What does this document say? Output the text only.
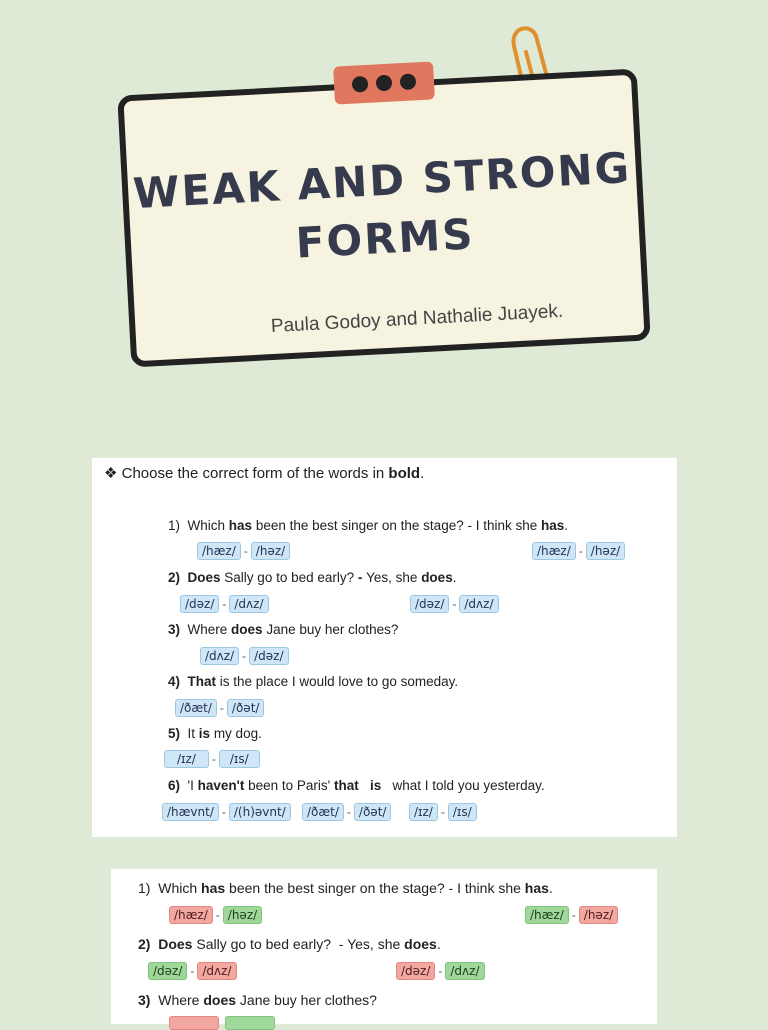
WEAK AND STRONG
FORMS
Paula Godoy and Nathalie Juayek.
❖ Choose the correct form of the words in bold.
1) Which has been the best singer on the stage? - I think she has.
/hæz/ - /həz/	/hæz/ - /həz/
2) Does Sally go to bed early? - Yes, she does.
/dəz/ - /dʌz/	/dəz/ - /dʌz/
3) Where does Jane buy her clothes?
/dʌz/ - /dəz/
4) That is the place I would love to go someday.
/ðæt/ - /ðət/
5) It is my dog.
/ɪz/	-	/ɪs/
6) 'I haven't been to Paris' that is   what I told you yesterday.
/hævnt/ - /(h)əvnt/	/ðæt/ - /ðət/	/ɪz/ - /ɪs/
1) Which has been the best singer on the stage? - I think she has.
/hæz/ - /həz/	/hæz/ - /həz/
2) Does Sally go to bed early?  - Yes, she does.
/dəz/ - /dʌz/	/dəz/ - /dʌz/
3) Where does Jane buy her clothes?
